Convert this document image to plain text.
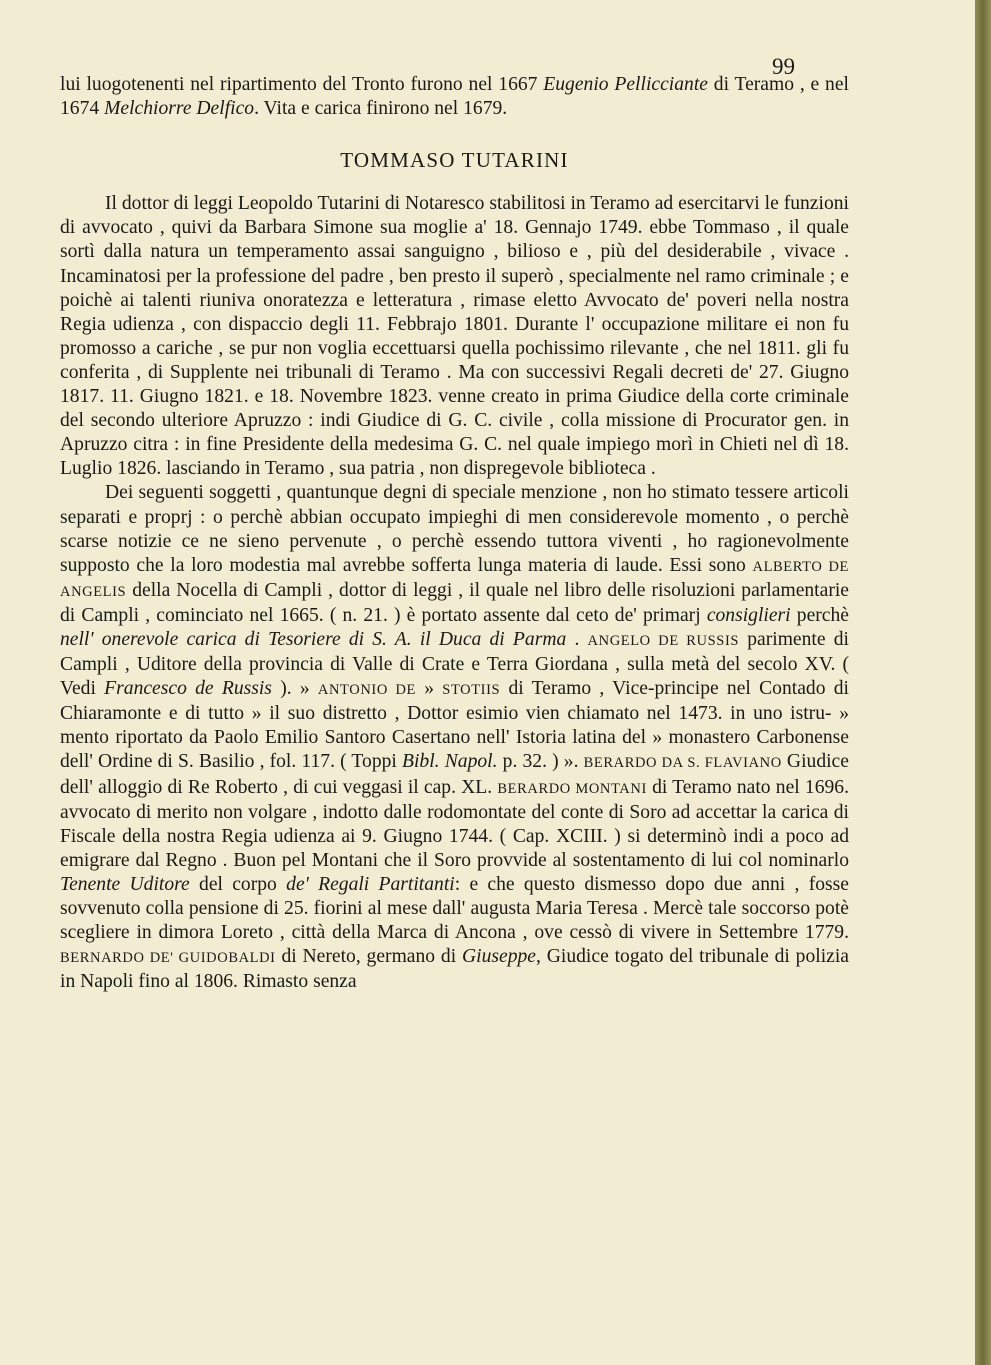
99

lui luogotenenti nel ripartimento del Tronto furono nel 1667 Eugenio Pellicciante di Teramo , e nel 1674 Melchiorre Delfico. Vita e carica finirono nel 1679.

TOMMASO TUTARINI

Il dottor di leggi Leopoldo Tutarini di Notaresco stabilitosi in Teramo ad esercitarvi le funzioni di avvocato , quivi da Barbara Simone sua moglie a' 18. Gennajo 1749. ebbe Tommaso , il quale sortì dalla natura un temperamento assai sanguigno , bilioso e , più del desiderabile , vivace . Incaminatosi per la professione del padre , ben presto il superò , specialmente nel ramo criminale ; e poichè ai talenti riuniva onoratezza e letteratura , rimase eletto Avvocato de' poveri nella nostra Regia udienza , con dispaccio degli 11. Febbrajo 1801. Durante l' occupazione militare ei non fu promosso a cariche , se pur non voglia eccettuarsi quella pochissimo rilevante , che nel 1811. gli fu conferita , di Supplente nei tribunali di Teramo . Ma con successivi Regali decreti de' 27. Giugno 1817. 11. Giugno 1821. e 18. Novembre 1823. venne creato in prima Giudice della corte criminale del secondo ulteriore Apruzzo : indi Giudice di G. C. civile , colla missione di Procurator gen. in Apruzzo citra : in fine Presidente della medesima G. C. nel quale impiego morì in Chieti nel dì 18. Luglio 1826. lasciando in Teramo , sua patria , non dispregevole biblioteca .

Dei seguenti soggetti , quantunque degni di speciale menzione , non ho stimato tessere articoli separati e proprj : o perchè abbian occupato impieghi di men considerevole momento , o perchè scarse notizie ce ne sieno pervenute , o perchè essendo tuttora viventi , ho ragionevolmente supposto che la loro modestia mal avrebbe sofferta lunga materia di laude. Essi sono ALBERTO DE ANGELIS della Nocella di Campli , dottor di leggi , il quale nel libro delle risoluzioni parlamentarie di Campli , cominciato nel 1665. ( n. 21. ) è portato assente dal ceto de' primarj consiglieri perchè nell' onerevole carica di Tesoriere di S. A. il Duca di Parma . ANGELO DE RUSSIS parimente di Campli , Uditore della provincia di Valle di Crate e Terra Giordana , sulla metà del secolo XV. ( Vedi Francesco de Russis ). » ANTONIO DE » STOTIIS di Teramo , Vice-principe nel Contado di Chiaramonte e di tutto » il suo distretto , Dottor esimio vien chiamato nel 1473. in uno istru- » mento riportato da Paolo Emilio Santoro Casertano nell' Istoria latina del » monastero Carbonense dell' Ordine di S. Basilio , fol. 117. ( Toppi Bibl. Napol. p. 32. ) ». BERARDO DA S. FLAVIANO Giudice dell' alloggio di Re Roberto , di cui veggasi il cap. XL. BERARDO MONTANI di Teramo nato nel 1696. avvocato di merito non volgare , indotto dalle rodomontate del conte di Soro ad accettar la carica di Fiscale della nostra Regia udienza ai 9. Giugno 1744. ( Cap. XCIII. ) si determinò indi a poco ad emigrare dal Regno . Buon pel Montani che il Soro provvide al sostentamento di lui col nominarlo Tenente Uditore del corpo de' Regali Partitanti: e che questo dismesso dopo due anni , fosse sovvenuto colla pensione di 25. fiorini al mese dall' augusta Maria Teresa . Mercè tale soccorso potè scegliere in dimora Loreto , città della Marca di Ancona , ove cessò di vivere in Settembre 1779. BERNARDO DE' GUIDOBALDI di Nereto, germano di Giuseppe, Giudice togato del tribunale di polizia in Napoli fino al 1806. Rimasto senza
